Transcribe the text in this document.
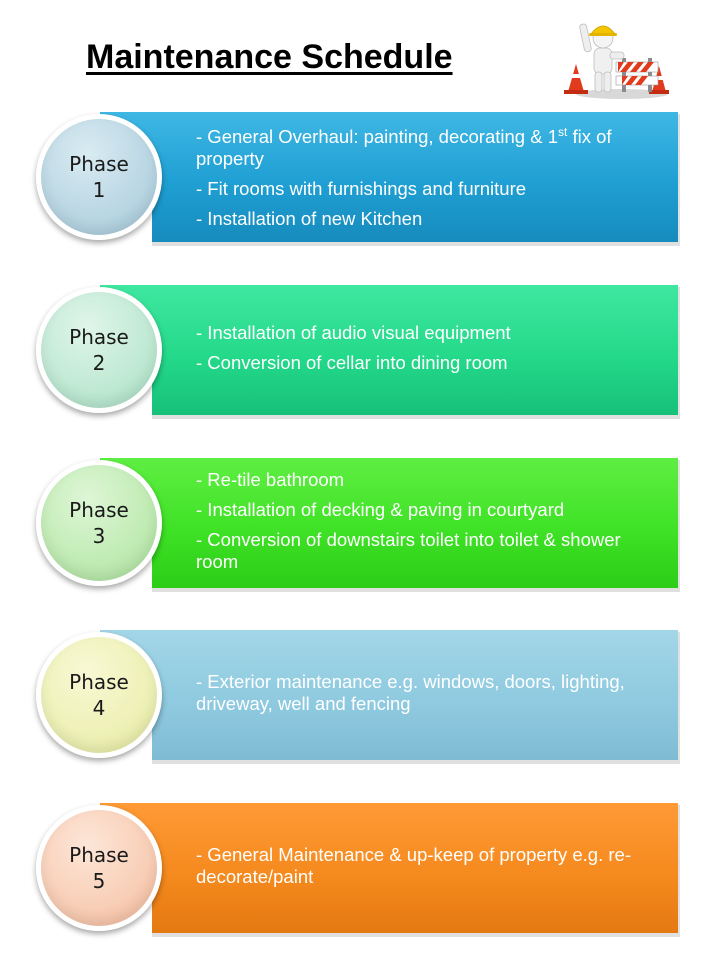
Maintenance Schedule
- General Overhaul: painting, decorating & 1st fix of property
- Fit rooms with furnishings and furniture
- Installation of new Kitchen
Phase
1
- Installation of audio visual equipment
- Conversion of cellar into dining room
Phase
2
- Re-tile bathroom
- Installation of decking & paving in courtyard
- Conversion of downstairs toilet into toilet & shower room
Phase
3
- Exterior maintenance e.g. windows, doors, lighting, driveway, well and fencing
Phase
4
- General Maintenance & up-keep of property e.g. re-decorate/paint
Phase
5
